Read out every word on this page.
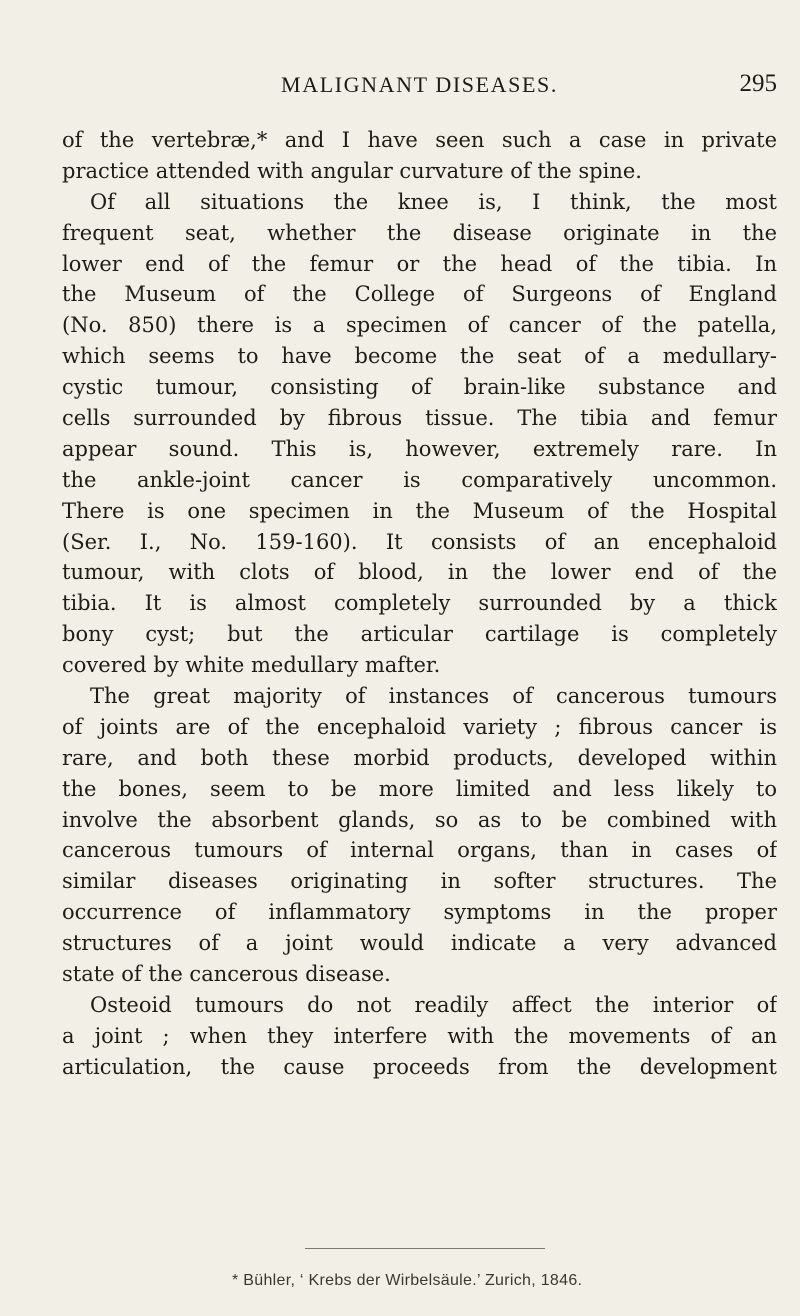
MALIGNANT DISEASES.	295
of the vertebræ,* and I have seen such a case in private
practice attended with angular curvature of the spine.
Of all situations the knee is, I think, the most
frequent seat, whether the disease originate in the
lower end of the femur or the head of the tibia. In
the Museum of the College of Surgeons of England
(No. 850) there is a specimen of cancer of the patella,
which seems to have become the seat of a medullary-
cystic tumour, consisting of brain-like substance and
cells surrounded by fibrous tissue. The tibia and femur
appear sound. This is, however, extremely rare. In
the ankle-joint cancer is comparatively uncommon.
There is one specimen in the Museum of the Hospital
(Ser. I., No. 159-160). It consists of an encephaloid
tumour, with clots of blood, in the lower end of the
tibia. It is almost completely surrounded by a thick
bony cyst; but the articular cartilage is completely
covered by white medullary mafter.
The great majority of instances of cancerous tumours
of joints are of the encephaloid variety ; fibrous cancer is
rare, and both these morbid products, developed within
the bones, seem to be more limited and less likely to
involve the absorbent glands, so as to be combined with
cancerous tumours of internal organs, than in cases of
similar diseases originating in softer structures. The
occurrence of inflammatory symptoms in the proper
structures of a joint would indicate a very advanced
state of the cancerous disease.
Osteoid tumours do not readily affect the interior of
a joint ; when they interfere with the movements of an
articulation, the cause proceeds from the development
* Bühler, ‘ Krebs der Wirbelsäule.’ Zurich, 1846.
